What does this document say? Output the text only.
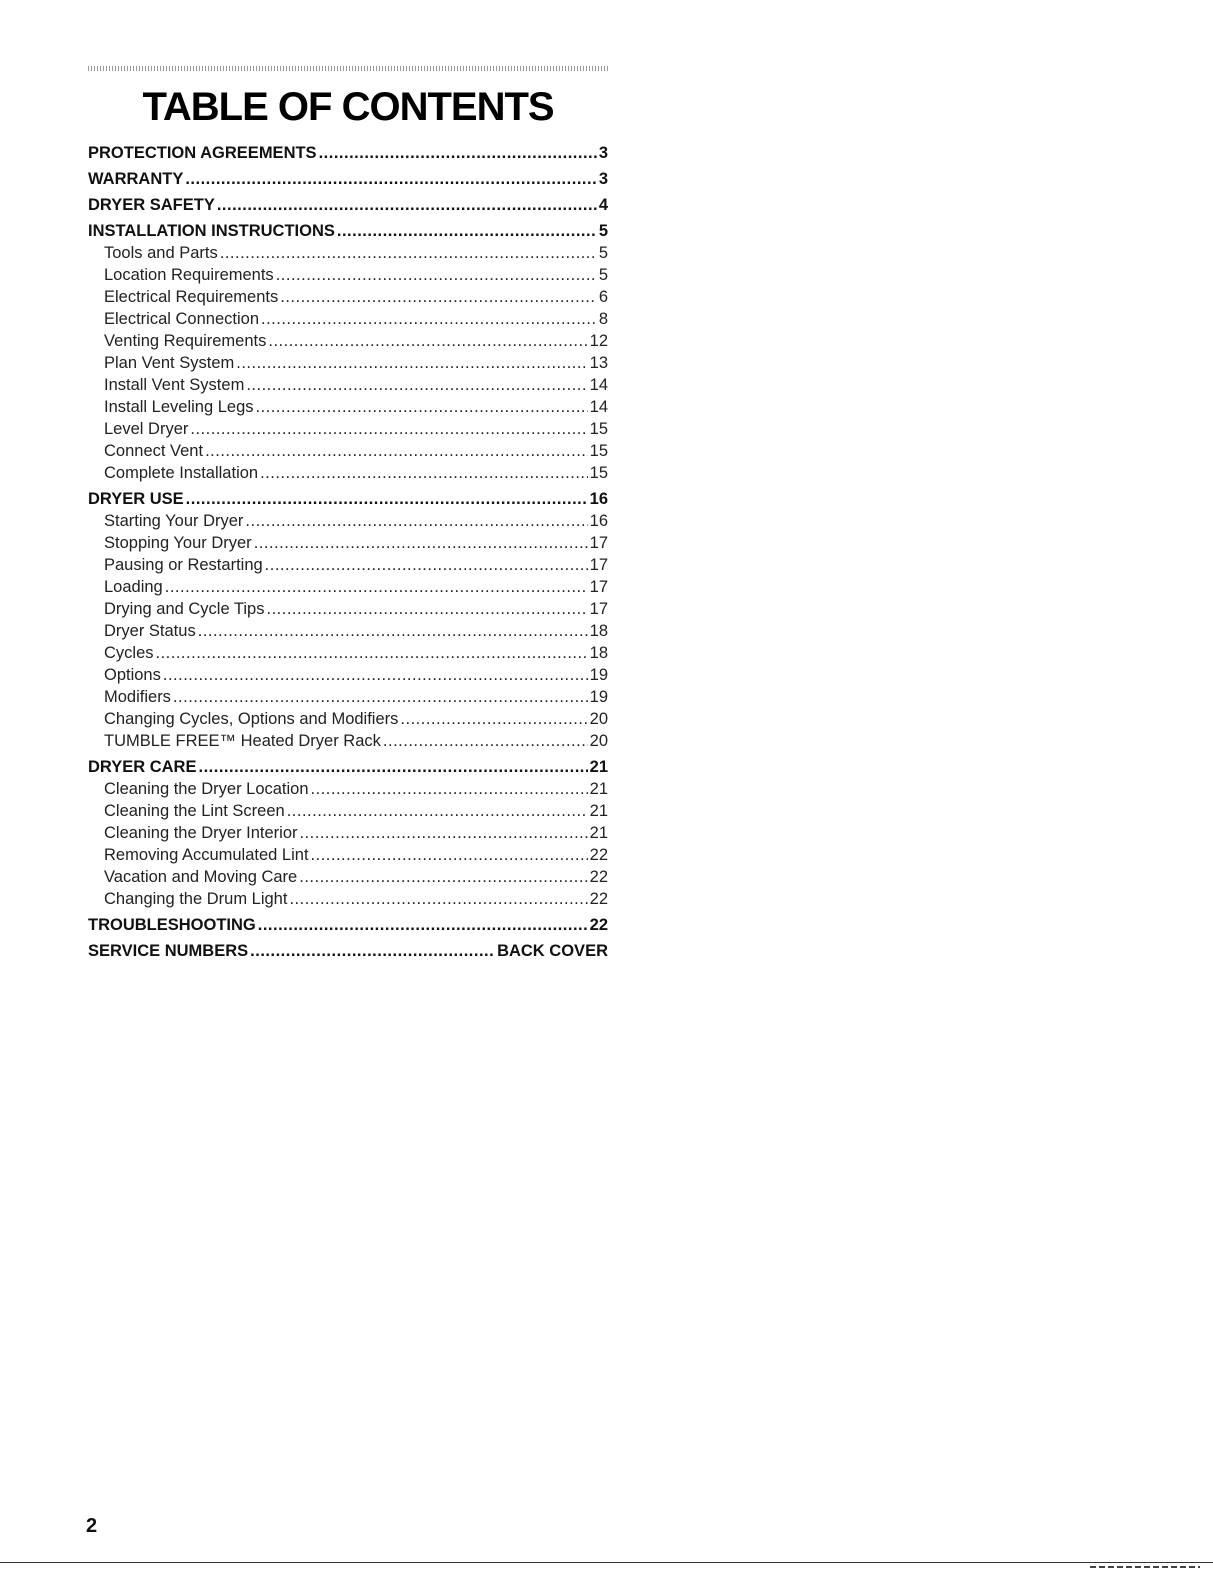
TABLE OF CONTENTS
PROTECTION AGREEMENTS .....	3
WARRANTY .....	3
DRYER SAFETY .....	4
INSTALLATION INSTRUCTIONS .....	5
Tools and Parts .....	5
Location Requirements .....	5
Electrical Requirements .....	6
Electrical Connection .....	8
Venting Requirements .....	12
Plan Vent System .....	13
Install Vent System .....	14
Install Leveling Legs .....	14
Level Dryer .....	15
Connect Vent .....	15
Complete Installation .....	15
DRYER USE .....	16
Starting Your Dryer .....	16
Stopping Your Dryer .....	17
Pausing or Restarting .....	17
Loading .....	17
Drying and Cycle Tips .....	17
Dryer Status .....	18
Cycles .....	18
Options .....	19
Modifiers .....	19
Changing Cycles, Options and Modifiers .....	20
TUMBLE FREE™ Heated Dryer Rack .....	20
DRYER CARE .....	21
Cleaning the Dryer Location .....	21
Cleaning the Lint Screen .....	21
Cleaning the Dryer Interior .....	21
Removing Accumulated Lint .....	22
Vacation and Moving Care .....	22
Changing the Drum Light .....	22
TROUBLESHOOTING .....	22
SERVICE NUMBERS .....	BACK COVER
2
